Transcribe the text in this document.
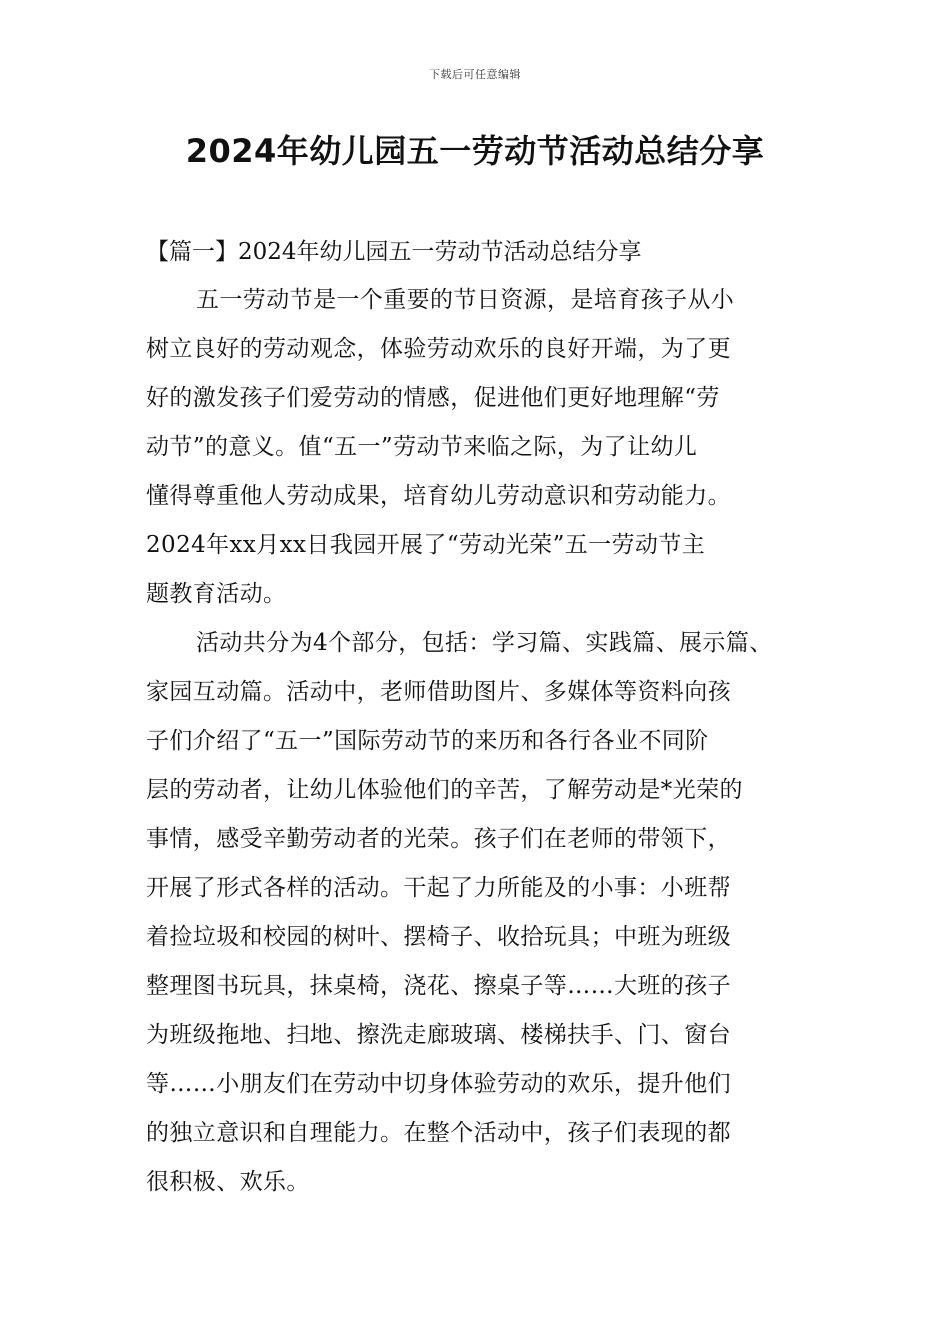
下载后可任意编辑
2024年幼儿园五一劳动节活动总结分享
【篇一】2024年幼儿园五一劳动节活动总结分享
五一劳动节是一个重要的节日资源，是培育孩子从小
树立良好的劳动观念，体验劳动欢乐的良好开端，为了更
好的激发孩子们爱劳动的情感，促进他们更好地理解“劳
动节”的意义。值“五一”劳动节来临之际，为了让幼儿
懂得尊重他人劳动成果，培育幼儿劳动意识和劳动能力。
2024年xx月xx日我园开展了“劳动光荣”五一劳动节主
题教育活动。
活动共分为4个部分，包括：学习篇、实践篇、展示篇、
家园互动篇。活动中，老师借助图片、多媒体等资料向孩
子们介绍了“五一”国际劳动节的来历和各行各业不同阶
层的劳动者，让幼儿体验他们的辛苦，了解劳动是*光荣的
事情，感受辛勤劳动者的光荣。孩子们在老师的带领下，
开展了形式各样的活动。干起了力所能及的小事：小班帮
着捡垃圾和校园的树叶、摆椅子、收拾玩具；中班为班级
整理图书玩具，抹桌椅，浇花、擦桌子等……大班的孩子
为班级拖地、扫地、擦洗走廊玻璃、楼梯扶手、门、窗台
等……小朋友们在劳动中切身体验劳动的欢乐，提升他们
的独立意识和自理能力。在整个活动中，孩子们表现的都
很积极、欢乐。
